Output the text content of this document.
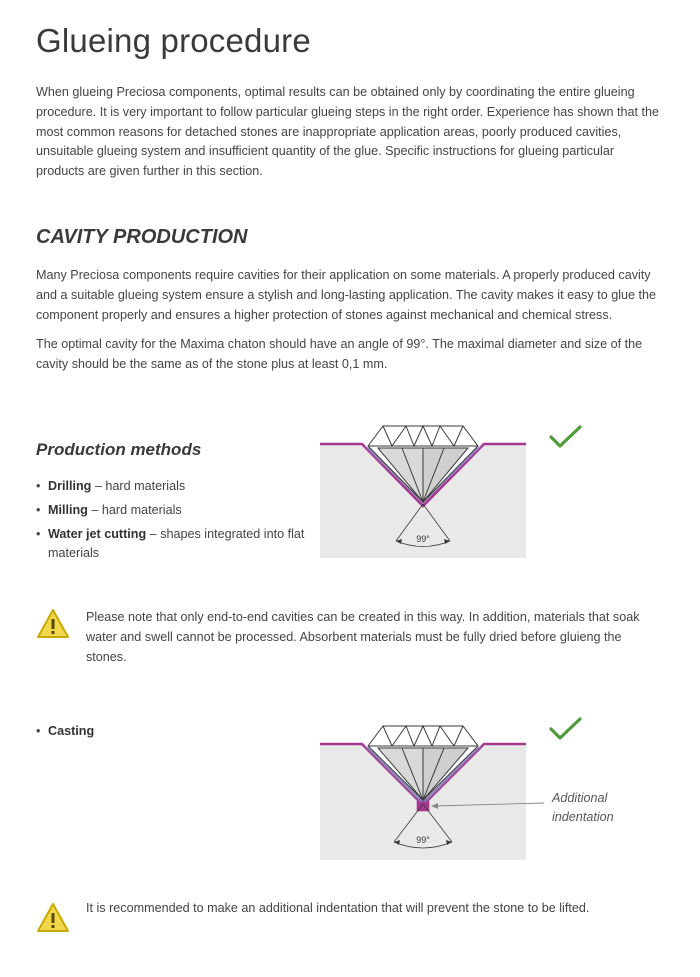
Glueing procedure

When glueing Preciosa components, optimal results can be obtained only by coordinating the entire glueing procedure. It is very important to follow particular glueing steps in the right order. Experience has shown that the most common reasons for detached stones are inappropriate application areas, poorly produced cavities, unsuitable glueing system and insufficient quantity of the glue. Specific instructions for glueing particular products are given further in this section.

CAVITY PRODUCTION

Many Preciosa components require cavities for their application on some materials. A properly produced cavity and a suitable glueing system ensure a stylish and long-lasting application. The cavity makes it easy to glue the component properly and ensures a higher protection of stones against mechanical and chemical stress.

The optimal cavity for the Maxima chaton should have an angle of 99°. The maximal diameter and size of the cavity should be the same as of the stone plus at least 0,1 mm.

Production methods
• Drilling – hard materials
• Milling – hard materials
• Water jet cutting – shapes integrated into flat materials
99°

Please note that only end-to-end cavities can be created in this way. In addition, materials that soak water and swell cannot be processed. Absorbent materials must be fully dried before gluieng the stones.

• Casting
99°
Additional indentation

It is recommended to make an additional indentation that will prevent the stone to be lifted.
